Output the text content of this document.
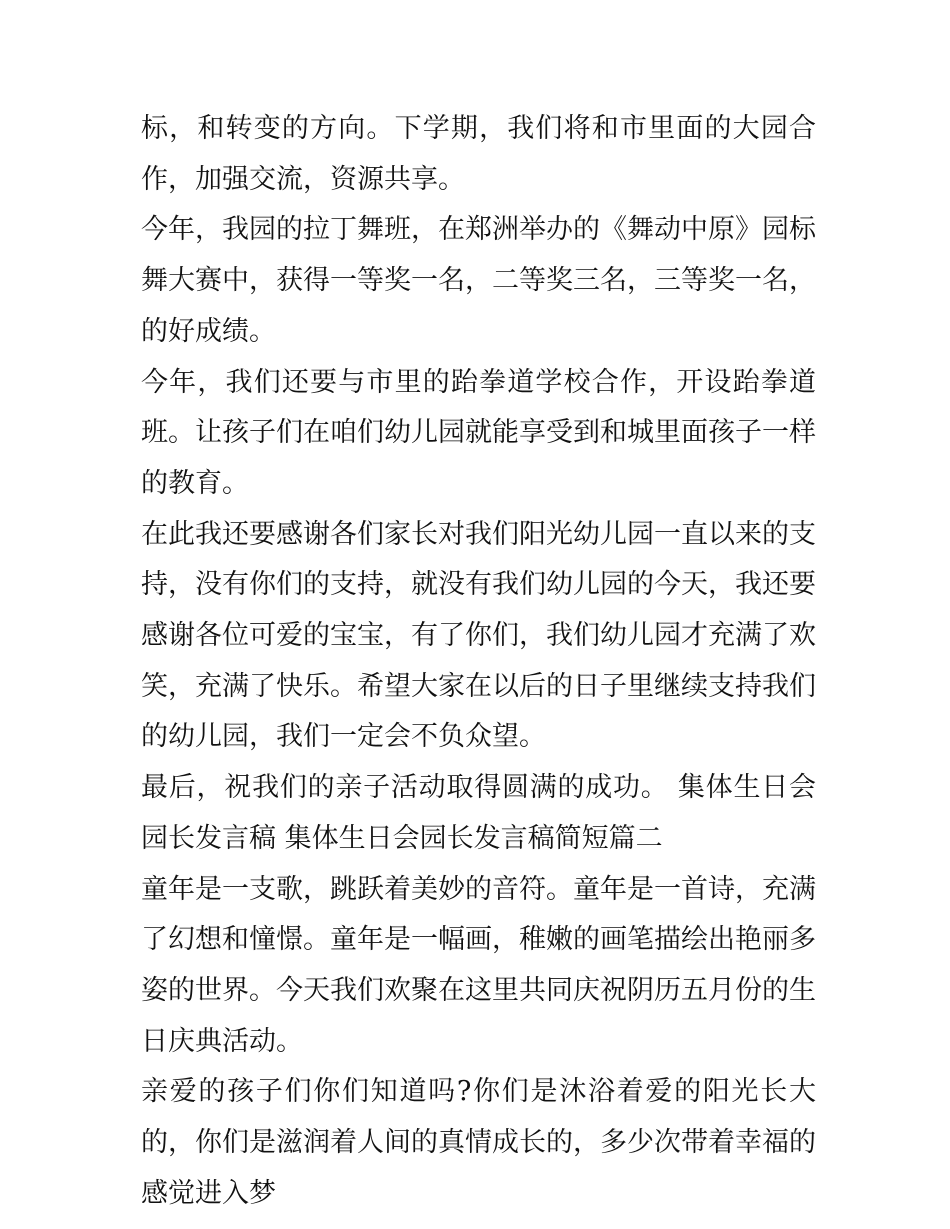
标，和转变的方向。下学期，我们将和市里面的大园合作，加强交流，资源共享。

今年，我园的拉丁舞班，在郑洲举办的《舞动中原》园标舞大赛中，获得一等奖一名，二等奖三名，三等奖一名，的好成绩。

今年，我们还要与市里的跆拳道学校合作，开设跆拳道班。让孩子们在咱们幼儿园就能享受到和城里面孩子一样的教育。

在此我还要感谢各们家长对我们阳光幼儿园一直以来的支持，没有你们的支持，就没有我们幼儿园的今天，我还要感谢各位可爱的宝宝，有了你们，我们幼儿园才充满了欢笑，充满了快乐。希望大家在以后的日子里继续支持我们的幼儿园，我们一定会不负众望。

最后，祝我们的亲子活动取得圆满的成功。 集体生日会园长发言稿 集体生日会园长发言稿简短篇二

童年是一支歌，跳跃着美妙的音符。童年是一首诗，充满了幻想和憧憬。童年是一幅画，稚嫩的画笔描绘出艳丽多姿的世界。今天我们欢聚在这里共同庆祝阴历五月份的生日庆典活动。

亲爱的孩子们你们知道吗?你们是沐浴着爱的阳光长大的，你们是滋润着人间的真情成长的，多少次带着幸福的感觉进入梦
